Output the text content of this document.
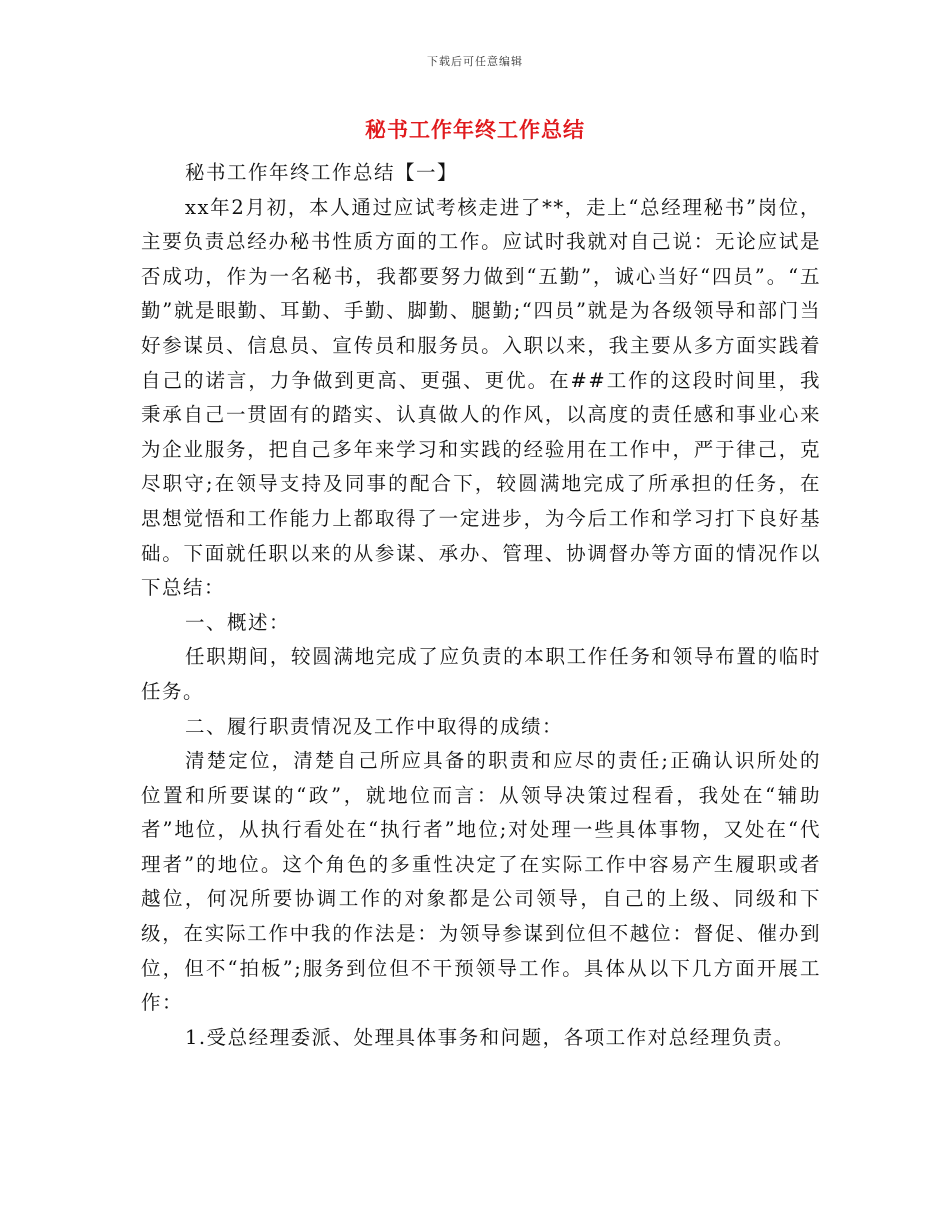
下载后可任意编辑
秘书工作年终工作总结

秘书工作年终工作总结【一】

xx年2月初，本人通过应试考核走进了**，走上“总经理秘书”岗位，主要负责总经办秘书性质方面的工作。应试时我就对自己说：无论应试是否成功，作为一名秘书，我都要努力做到“五勤”，诚心当好“四员”。“五勤”就是眼勤、耳勤、手勤、脚勤、腿勤;“四员”就是为各级领导和部门当好参谋员、信息员、宣传员和服务员。入职以来，我主要从多方面实践着自己的诺言，力争做到更高、更强、更优。在##工作的这段时间里，我秉承自己一贯固有的踏实、认真做人的作风，以高度的责任感和事业心来为企业服务，把自己多年来学习和实践的经验用在工作中，严于律己，克尽职守;在领导支持及同事的配合下，较圆满地完成了所承担的任务，在思想觉悟和工作能力上都取得了一定进步，为今后工作和学习打下良好基础。下面就任职以来的从参谋、承办、管理、协调督办等方面的情况作以下总结：

一、概述：

任职期间，较圆满地完成了应负责的本职工作任务和领导布置的临时任务。

二、履行职责情况及工作中取得的成绩：

清楚定位，清楚自己所应具备的职责和应尽的责任;正确认识所处的位置和所要谋的“政”，就地位而言：从领导决策过程看，我处在“辅助者”地位，从执行看处在“执行者”地位;对处理一些具体事物，又处在“代理者”的地位。这个角色的多重性决定了在实际工作中容易产生履职或者越位，何况所要协调工作的对象都是公司领导，自己的上级、同级和下级，在实际工作中我的作法是：为领导参谋到位但不越位：督促、催办到位，但不“拍板”;服务到位但不干预领导工作。具体从以下几方面开展工作：

1.受总经理委派、处理具体事务和问题，各项工作对总经理负责。
